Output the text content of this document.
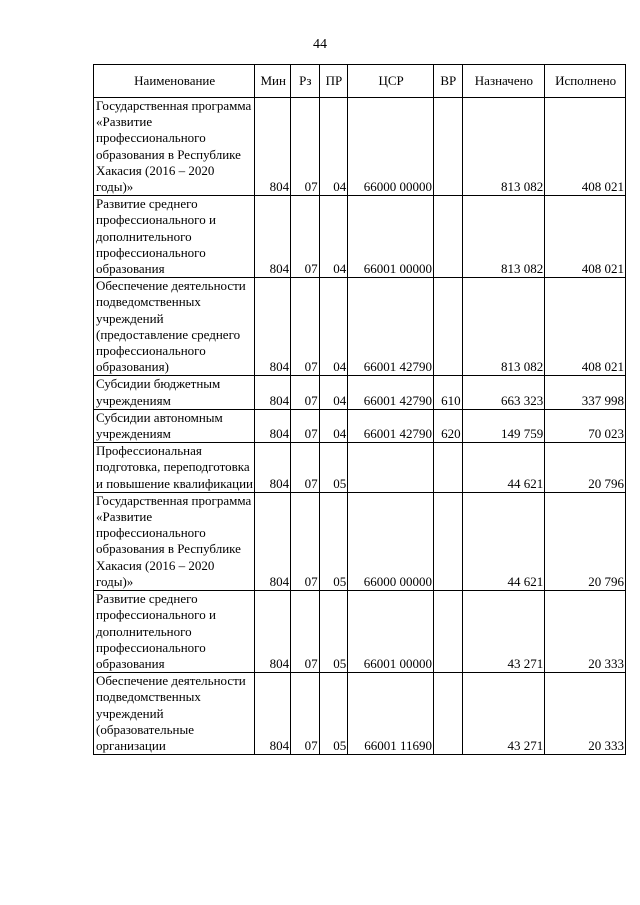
44
Наименование	Мин	Рз	ПР	ЦСР	ВР	Назначено	Исполнено
Государственная программа «Развитие профессионального образования в Республике Хакасия (2016 – 2020 годы)»	804	07	04	66000 00000		813 082	408 021
Развитие среднего профессионального и дополнительного профессионального образования	804	07	04	66001 00000		813 082	408 021
Обеспечение деятельности подведомственных учреждений (предоставление среднего профессионального образования)	804	07	04	66001 42790		813 082	408 021
Субсидии бюджетным учреждениям	804	07	04	66001 42790	610	663 323	337 998
Субсидии автономным учреждениям	804	07	04	66001 42790	620	149 759	70 023
Профессиональная подготовка, переподготовка и повышение квалификации	804	07	05			44 621	20 796
Государственная программа «Развитие профессионального образования в Республике Хакасия (2016 – 2020 годы)»	804	07	05	66000 00000		44 621	20 796
Развитие среднего профессионального и дополнительного профессионального образования	804	07	05	66001 00000		43 271	20 333
Обеспечение деятельности подведомственных учреждений (образовательные организации	804	07	05	66001 11690		43 271	20 333
